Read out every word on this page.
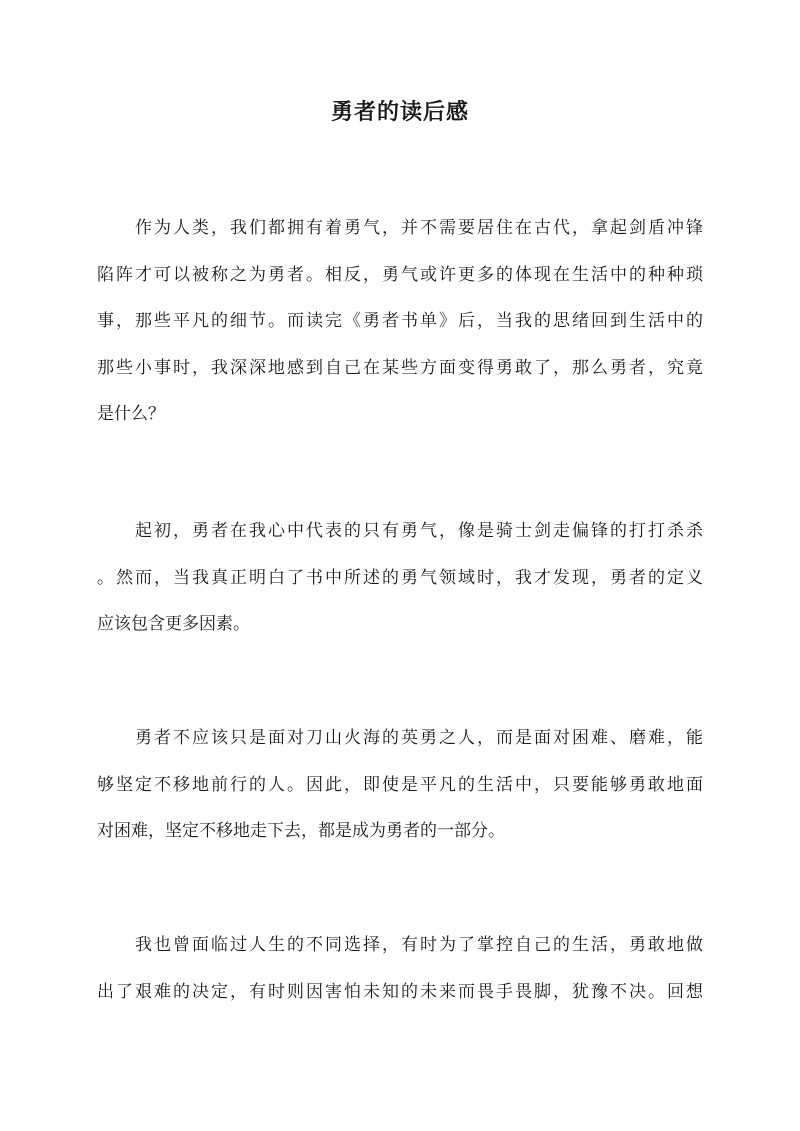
勇者的读后感
　　作为人类，我们都拥有着勇气，并不需要居住在古代，拿起剑盾冲锋
陷阵才可以被称之为勇者。相反，勇气或许更多的体现在生活中的种种琐
事，那些平凡的细节。而读完《勇者书单》后，当我的思绪回到生活中的
那些小事时，我深深地感到自己在某些方面变得勇敢了，那么勇者，究竟
是什么？
　　起初，勇者在我心中代表的只有勇气，像是骑士剑走偏锋的打打杀杀
。然而，当我真正明白了书中所述的勇气领域时，我才发现，勇者的定义
应该包含更多因素。
　　勇者不应该只是面对刀山火海的英勇之人，而是面对困难、磨难，能
够坚定不移地前行的人。因此，即使是平凡的生活中，只要能够勇敢地面
对困难，坚定不移地走下去，都是成为勇者的一部分。
　　我也曾面临过人生的不同选择，有时为了掌控自己的生活，勇敢地做
出了艰难的决定，有时则因害怕未知的未来而畏手畏脚，犹豫不决。回想
